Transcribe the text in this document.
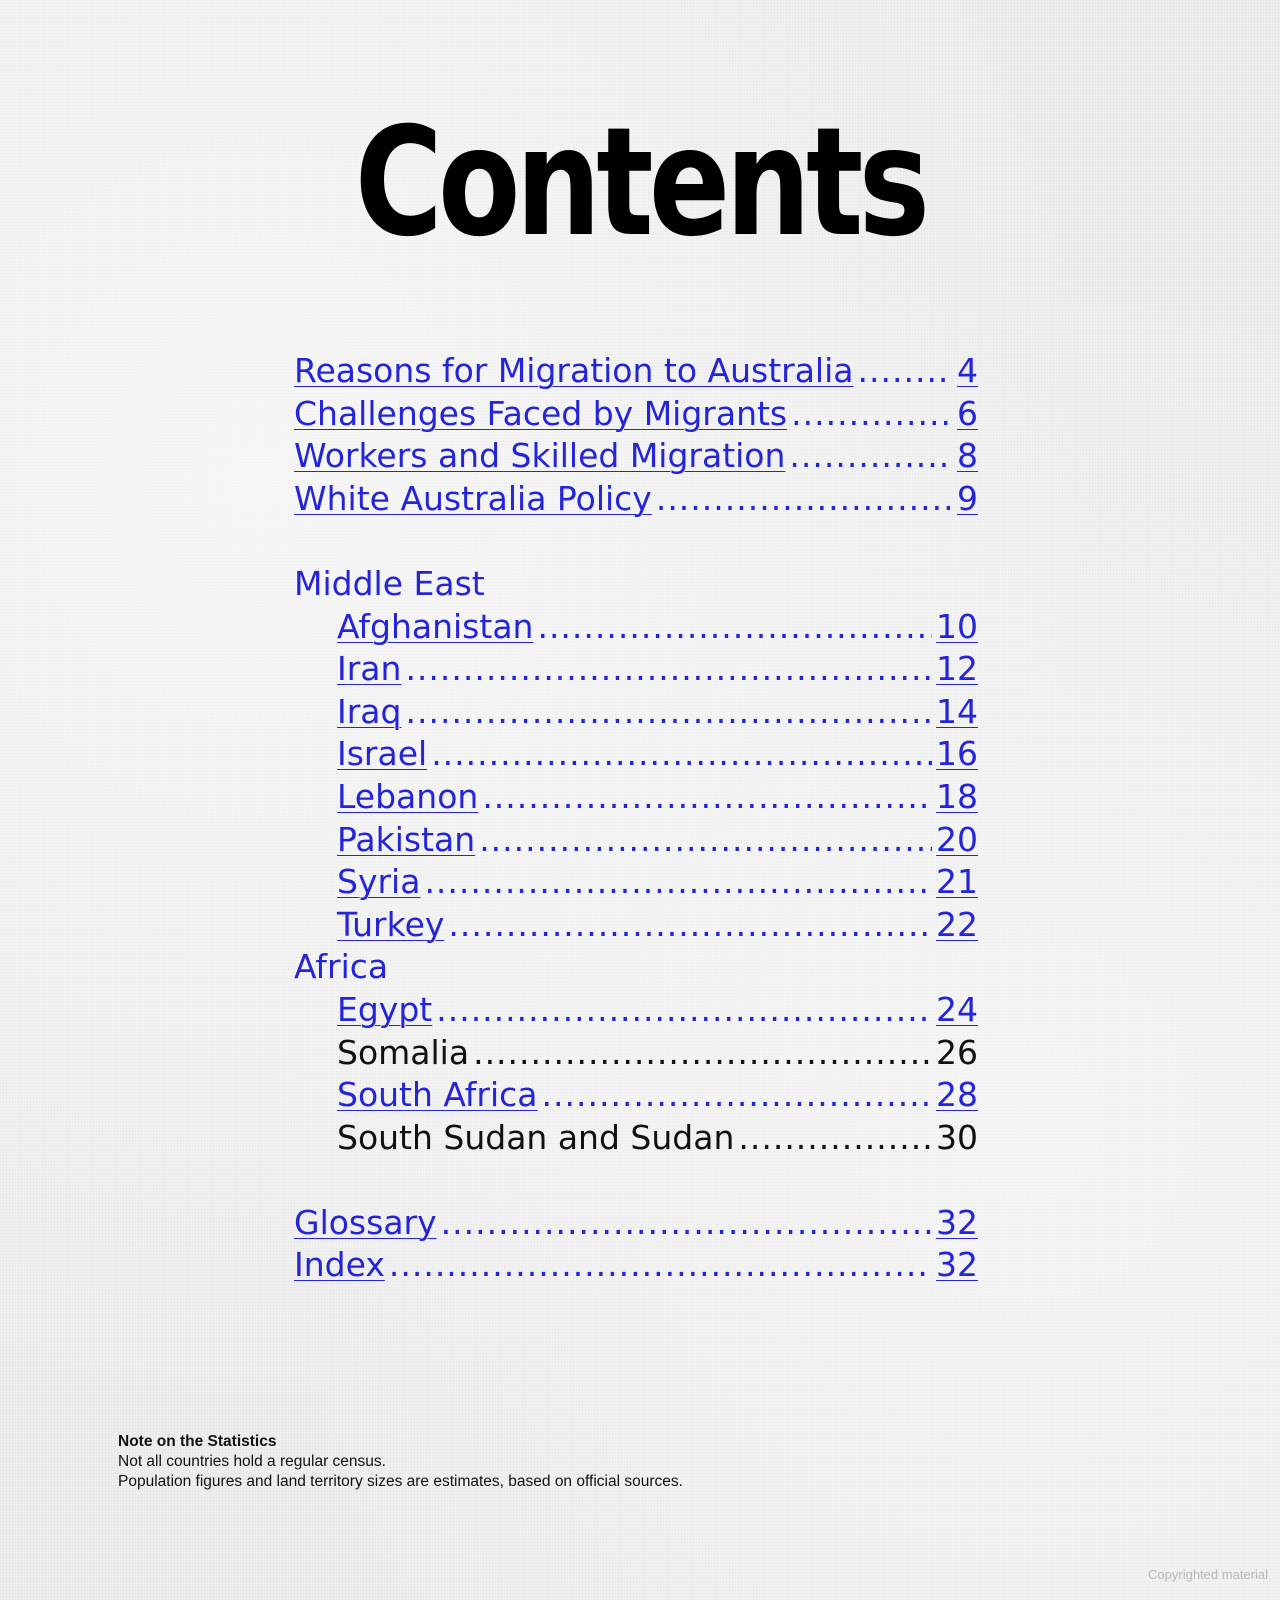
Contents
Reasons for Migration to Australia .....	4
Challenges Faced by Migrants .....	6
Workers and Skilled Migration .....	8
White Australia Policy .....	9
Middle East
Afghanistan .....	10
Iran .....	12
Iraq .....	14
Israel .....	16
Lebanon .....	18
Pakistan .....	20
Syria .....	21
Turkey .....	22
Africa
Egypt .....	24
Somalia .....	26
South Africa .....	28
South Sudan and Sudan .....	30
Glossary .....	32
Index .....	32
Note on the Statistics
Not all countries hold a regular census.
Population figures and land territory sizes are estimates, based on official sources.
Copyrighted material
